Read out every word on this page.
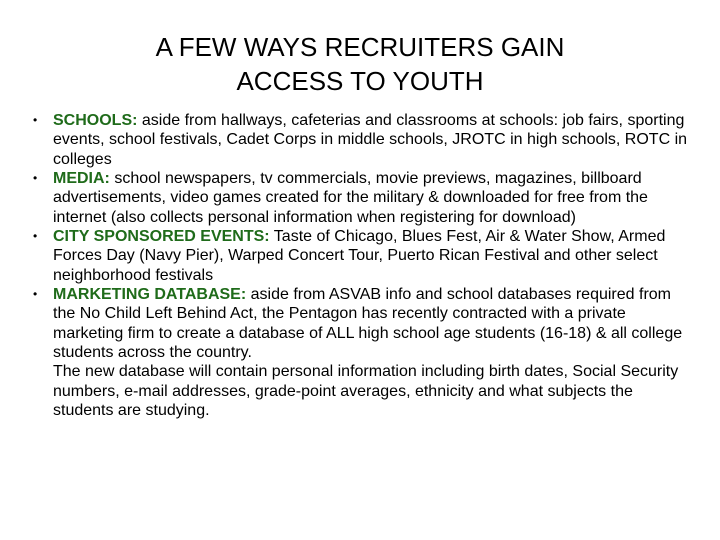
A FEW WAYS RECRUITERS GAIN
ACCESS TO YOUTH
• SCHOOLS: aside from hallways, cafeterias and classrooms at schools: job fairs, sporting events, school festivals, Cadet Corps in middle schools, JROTC in high schools, ROTC in colleges
• MEDIA: school newspapers, tv commercials, movie previews, magazines, billboard advertisements, video games created for the military & downloaded for free from the internet (also collects personal information when registering for download)
• CITY SPONSORED EVENTS: Taste of Chicago, Blues Fest, Air & Water Show, Armed Forces Day (Navy Pier), Warped Concert Tour, Puerto Rican Festival and other select neighborhood festivals
• MARKETING DATABASE: aside from ASVAB info and school databases required from the No Child Left Behind Act, the Pentagon has recently contracted with a private marketing firm to create a database of ALL high school age students (16-18) & all college students across the country.

The new database will contain personal information including birth dates, Social Security numbers, e-mail addresses, grade-point averages, ethnicity and what subjects the students are studying.
